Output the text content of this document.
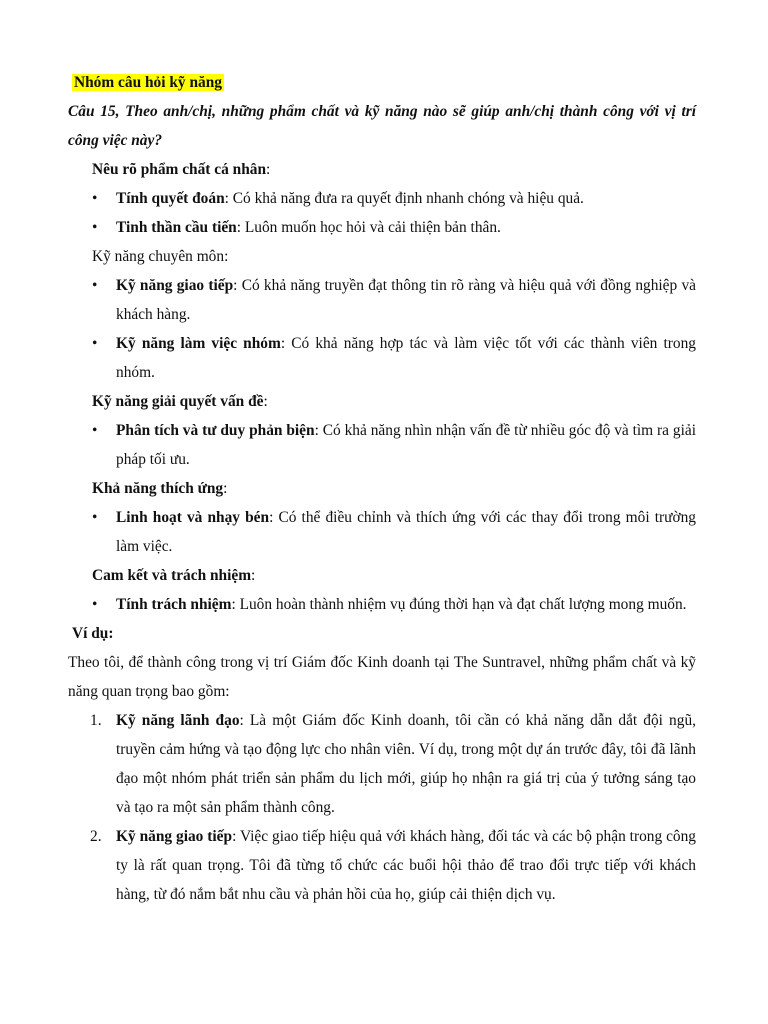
Nhóm câu hỏi kỹ năng

Câu 15, Theo anh/chị, những phẩm chất và kỹ năng nào sẽ giúp anh/chị thành công với vị trí công việc này?

Nêu rõ phẩm chất cá nhân:

• Tính quyết đoán: Có khả năng đưa ra quyết định nhanh chóng và hiệu quả.
• Tinh thần cầu tiến: Luôn muốn học hỏi và cải thiện bản thân.

Kỹ năng chuyên môn:

• Kỹ năng giao tiếp: Có khả năng truyền đạt thông tin rõ ràng và hiệu quả với đồng nghiệp và khách hàng.
• Kỹ năng làm việc nhóm: Có khả năng hợp tác và làm việc tốt với các thành viên trong nhóm.

Kỹ năng giải quyết vấn đề:

• Phân tích và tư duy phản biện: Có khả năng nhìn nhận vấn đề từ nhiều góc độ và tìm ra giải pháp tối ưu.

Khả năng thích ứng:

• Linh hoạt và nhạy bén: Có thể điều chỉnh và thích ứng với các thay đổi trong môi trường làm việc.

Cam kết và trách nhiệm:

• Tính trách nhiệm: Luôn hoàn thành nhiệm vụ đúng thời hạn và đạt chất lượng mong muốn.

Ví dụ:

Theo tôi, để thành công trong vị trí Giám đốc Kinh doanh tại The Suntravel, những phẩm chất và kỹ năng quan trọng bao gồm:

1. Kỹ năng lãnh đạo: Là một Giám đốc Kinh doanh, tôi cần có khả năng dẫn dắt đội ngũ, truyền cảm hứng và tạo động lực cho nhân viên. Ví dụ, trong một dự án trước đây, tôi đã lãnh đạo một nhóm phát triển sản phẩm du lịch mới, giúp họ nhận ra giá trị của ý tưởng sáng tạo và tạo ra một sản phẩm thành công.
2. Kỹ năng giao tiếp: Việc giao tiếp hiệu quả với khách hàng, đối tác và các bộ phận trong công ty là rất quan trọng. Tôi đã từng tổ chức các buổi hội thảo để trao đổi trực tiếp với khách hàng, từ đó nắm bắt nhu cầu và phản hồi của họ, giúp cải thiện dịch vụ.
